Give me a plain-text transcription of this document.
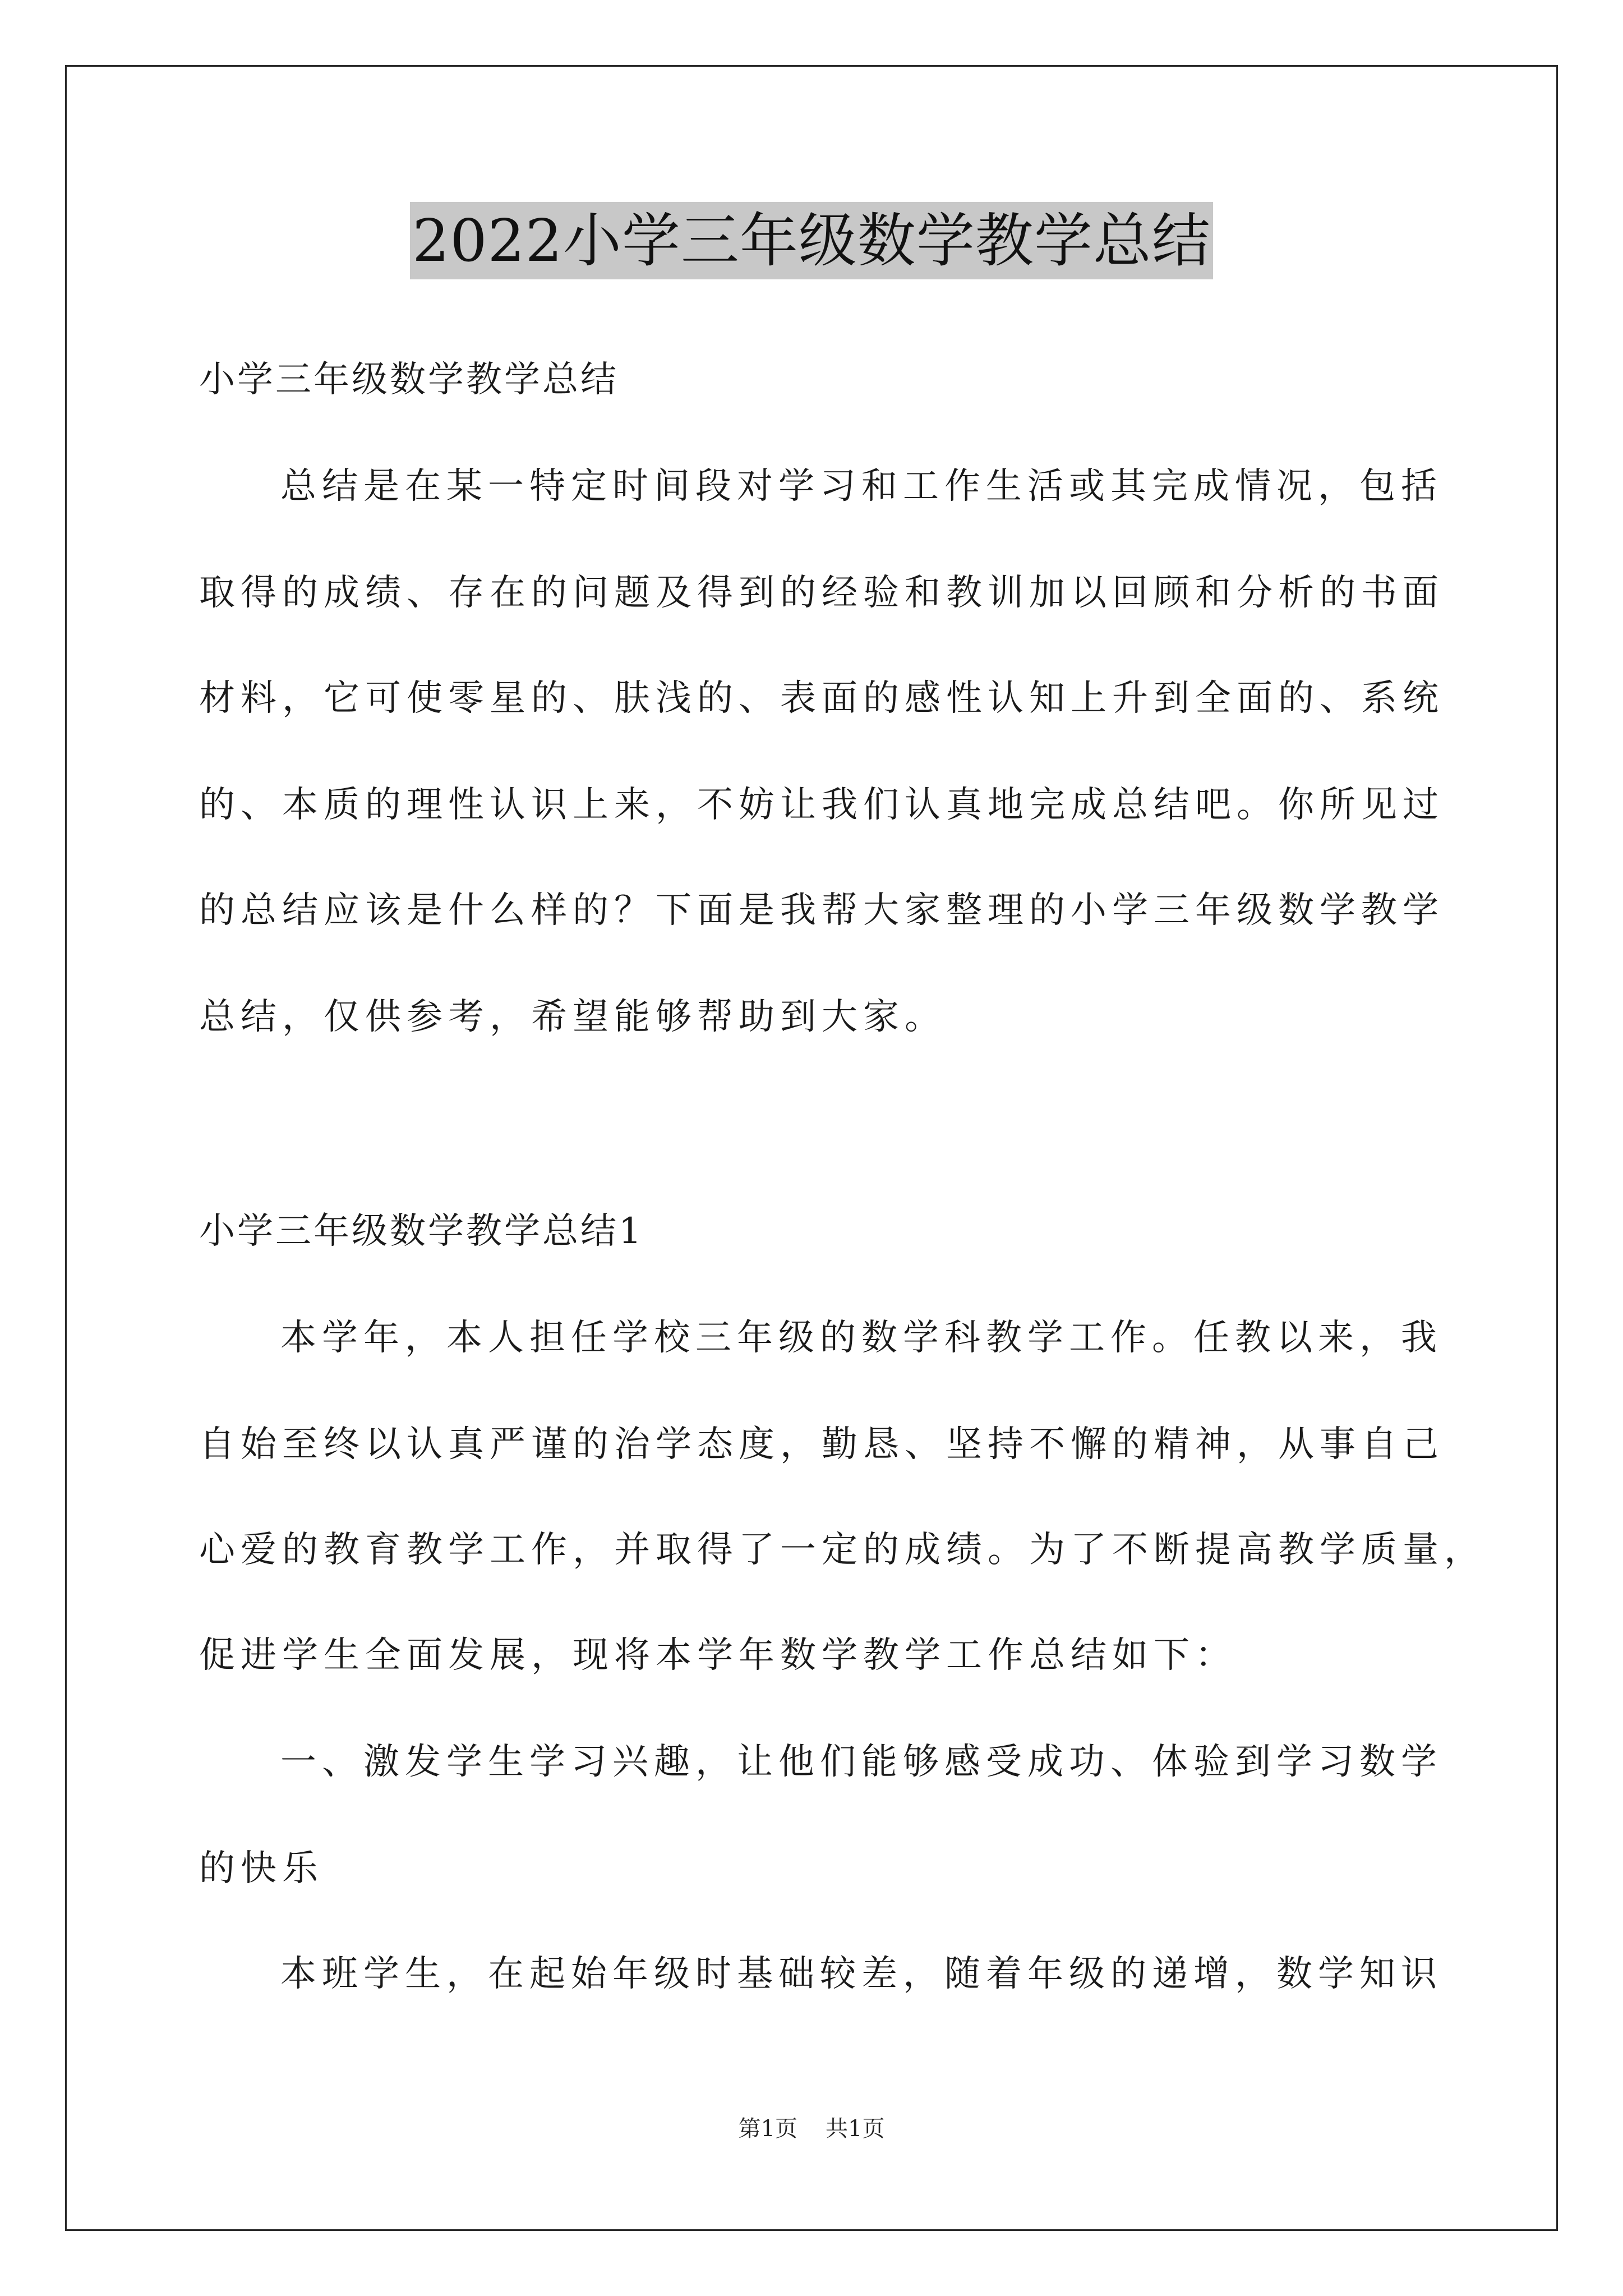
2022小学三年级数学教学总结
小学三年级数学教学总结
总结是在某一特定时间段对学习和工作生活或其完成情况，包括
取得的成绩、存在的问题及得到的经验和教训加以回顾和分析的书面
材料，它可使零星的、肤浅的、表面的感性认知上升到全面的、系统
的、本质的理性认识上来，不妨让我们认真地完成总结吧。你所见过
的总结应该是什么样的？下面是我帮大家整理的小学三年级数学教学
总结，仅供参考，希望能够帮助到大家。
小学三年级数学教学总结1
本学年，本人担任学校三年级的数学科教学工作。任教以来，我
自始至终以认真严谨的治学态度，勤恳、坚持不懈的精神，从事自己
心爱的教育教学工作，并取得了一定的成绩。为了不断提高教学质量，
促进学生全面发展，现将本学年数学教学工作总结如下：
一、激发学生学习兴趣，让他们能够感受成功、体验到学习数学
的快乐
本班学生，在起始年级时基础较差，随着年级的递增，数学知识
第1页 共1页
